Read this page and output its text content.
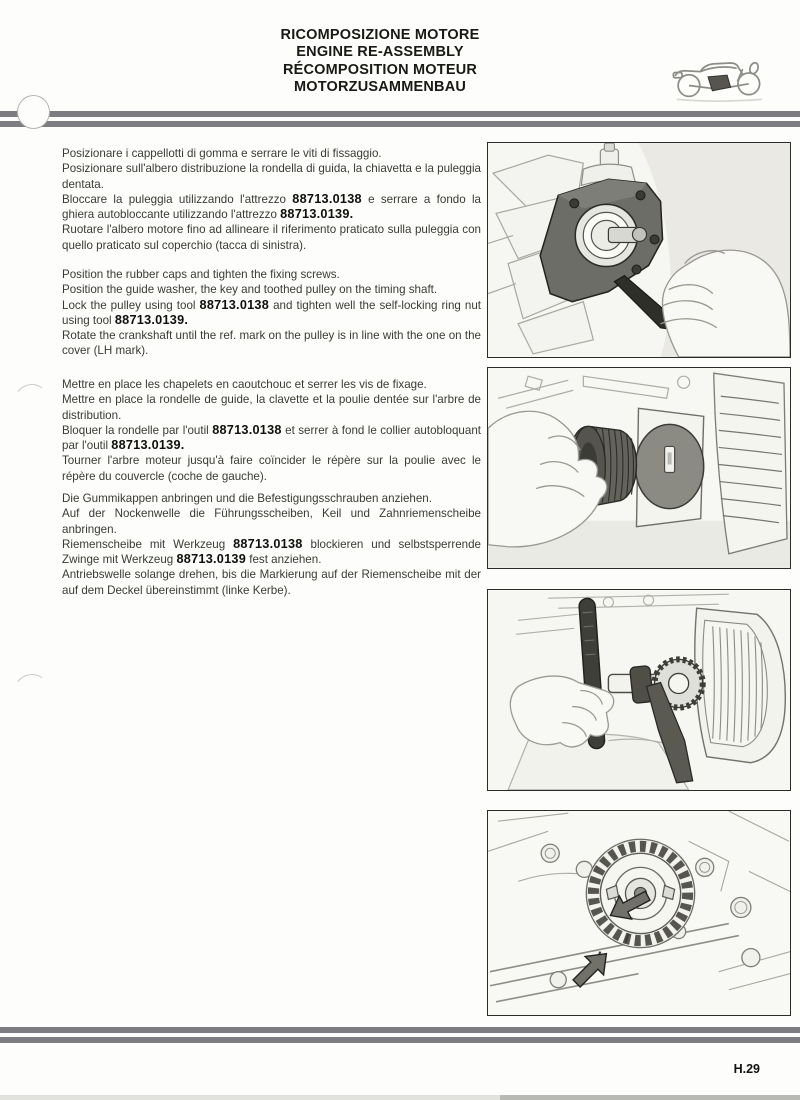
RICOMPOSIZIONE MOTORE
ENGINE RE-ASSEMBLY
RÉCOMPOSITION MOTEUR
MOTORZUSAMMENBAU

Posizionare i cappellotti di gomma e serrare le viti di fissaggio.

Posizionare sull'albero distribuzione la rondella di guida, la chiavetta e la puleggia dentata.

Bloccare la puleggia utilizzando l'attrezzo 88713.0138 e serrare a fondo la ghiera autobloccante utilizzando l'attrezzo 88713.0139.

Ruotare l'albero motore fino ad allineare il riferimento praticato sulla puleggia con quello praticato sul coperchio (tacca di sinistra).

Position the rubber caps and tighten the fixing screws.

Position the guide washer, the key and toothed pulley on the timing shaft.

Lock the pulley using tool 88713.0138 and tighten well the self-locking ring nut using tool 88713.0139.

Rotate the crankshaft until the ref. mark on the pulley is in line with the one on the cover (LH mark).

Mettre en place les chapelets en caoutchouc et serrer les vis de fixage.

Mettre en place la rondelle de guide, la clavette et la poulie dentée sur l'arbre de distribution.

Bloquer la rondelle par l'outil 88713.0138 et serrer à fond le collier autobloquant par l'outil 88713.0139.

Tourner l'arbre moteur jusqu'à faire coïncider le répère sur la poulie avec le répère du couvercle (coche de gauche).

Die Gummikappen anbringen und die Befestigungsschrauben anziehen.

Auf der Nockenwelle die Führungsscheiben, Keil und Zahnriemenscheibe anbringen.

Riemenscheibe mit Werkzeug 88713.0138 blockieren und selbstsperrende Zwinge mit Werkzeug 88713.0139 fest anziehen.

Antriebswelle solange drehen, bis die Markierung auf der Riemenscheibe mit der auf dem Deckel übereinstimmt (linke Kerbe).

H.29
